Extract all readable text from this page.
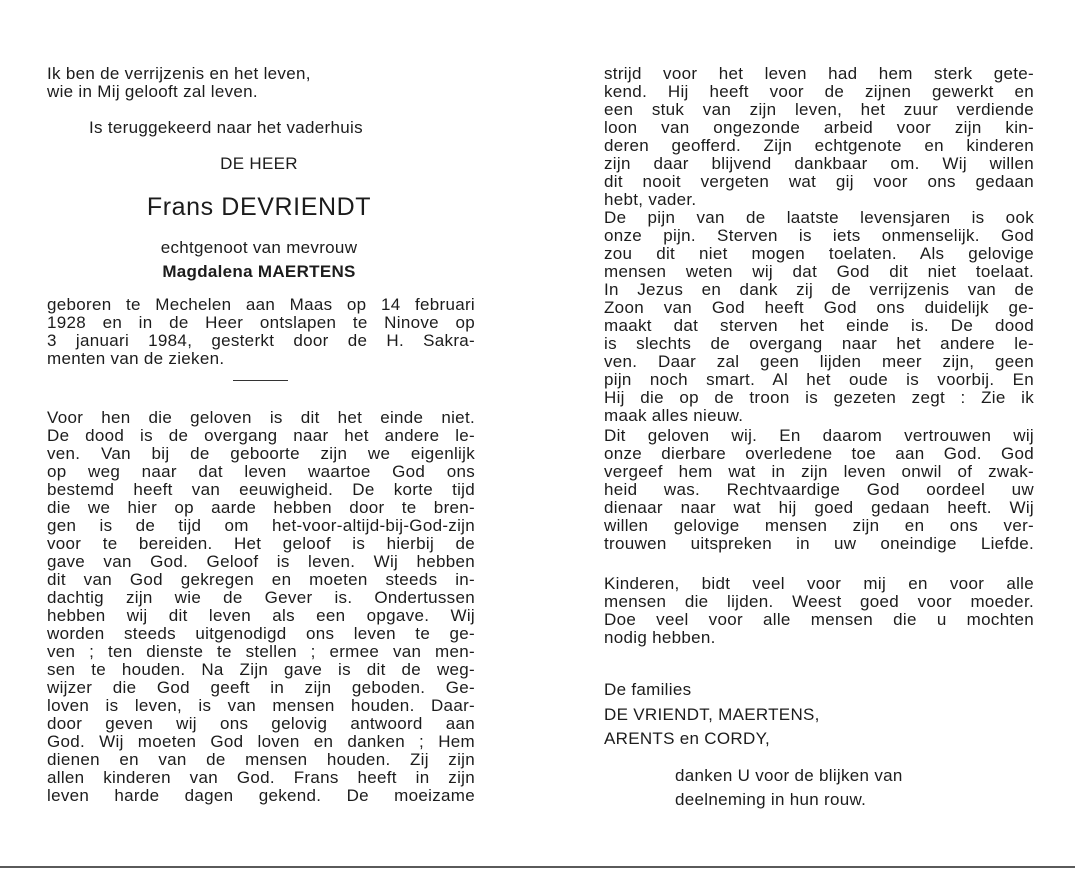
Ik ben de verrijzenis en het leven,
wie in Mij gelooft zal leven.
Is teruggekeerd naar het vaderhuis
DE HEER
Frans DEVRIENDT
echtgenoot van mevrouw
Magdalena MAERTENS
geboren te Mechelen aan Maas op 14 februari
1928 en in de Heer ontslapen te Ninove op
3 januari 1984, gesterkt door de H. Sakra-
menten van de zieken.
Voor hen die geloven is dit het einde niet.
De dood is de overgang naar het andere le-
ven. Van bij de geboorte zijn we eigenlijk
op weg naar dat leven waartoe God ons
bestemd heeft van eeuwigheid. De korte tijd
die we hier op aarde hebben door te bren-
gen is de tijd om het-voor-altijd-bij-God-zijn
voor te bereiden. Het geloof is hierbij de
gave van God. Geloof is leven. Wij hebben
dit van God gekregen en moeten steeds in-
dachtig zijn wie de Gever is. Ondertussen
hebben wij dit leven als een opgave. Wij
worden steeds uitgenodigd ons leven te ge-
ven ; ten dienste te stellen ; ermee van men-
sen te houden. Na Zijn gave is dit de weg-
wijzer die God geeft in zijn geboden. Ge-
loven is leven, is van mensen houden. Daar-
door geven wij ons gelovig antwoord aan
God. Wij moeten God loven en danken ; Hem
dienen en van de mensen houden. Zij zijn
allen kinderen van God. Frans heeft in zijn
leven harde dagen gekend. De moeizame
strijd voor het leven had hem sterk gete-
kend. Hij heeft voor de zijnen gewerkt en
een stuk van zijn leven, het zuur verdiende
loon van ongezonde arbeid voor zijn kin-
deren geofferd. Zijn echtgenote en kinderen
zijn daar blijvend dankbaar om. Wij willen
dit nooit vergeten wat gij voor ons gedaan
hebt, vader.
De pijn van de laatste levensjaren is ook
onze pijn. Sterven is iets onmenselijk. God
zou dit niet mogen toelaten. Als gelovige
mensen weten wij dat God dit niet toelaat.
In Jezus en dank zij de verrijzenis van de
Zoon van God heeft God ons duidelijk ge-
maakt dat sterven het einde is. De dood
is slechts de overgang naar het andere le-
ven. Daar zal geen lijden meer zijn, geen
pijn noch smart. Al het oude is voorbij. En
Hij die op de troon is gezeten zegt : Zie ik
maak alles nieuw.
Dit geloven wij. En daarom vertrouwen wij
onze dierbare overledene toe aan God. God
vergeef hem wat in zijn leven onwil of zwak-
heid was. Rechtvaardige God oordeel uw
dienaar naar wat hij goed gedaan heeft. Wij
willen gelovige mensen zijn en ons ver-
trouwen uitspreken in uw oneindige Liefde.
Kinderen, bidt veel voor mij en voor alle
mensen die lijden. Weest goed voor moeder.
Doe veel voor alle mensen die u mochten
nodig hebben.
De families
DE VRIENDT, MAERTENS,
ARENTS en CORDY,
danken U voor de blijken van
deelneming in hun rouw.
